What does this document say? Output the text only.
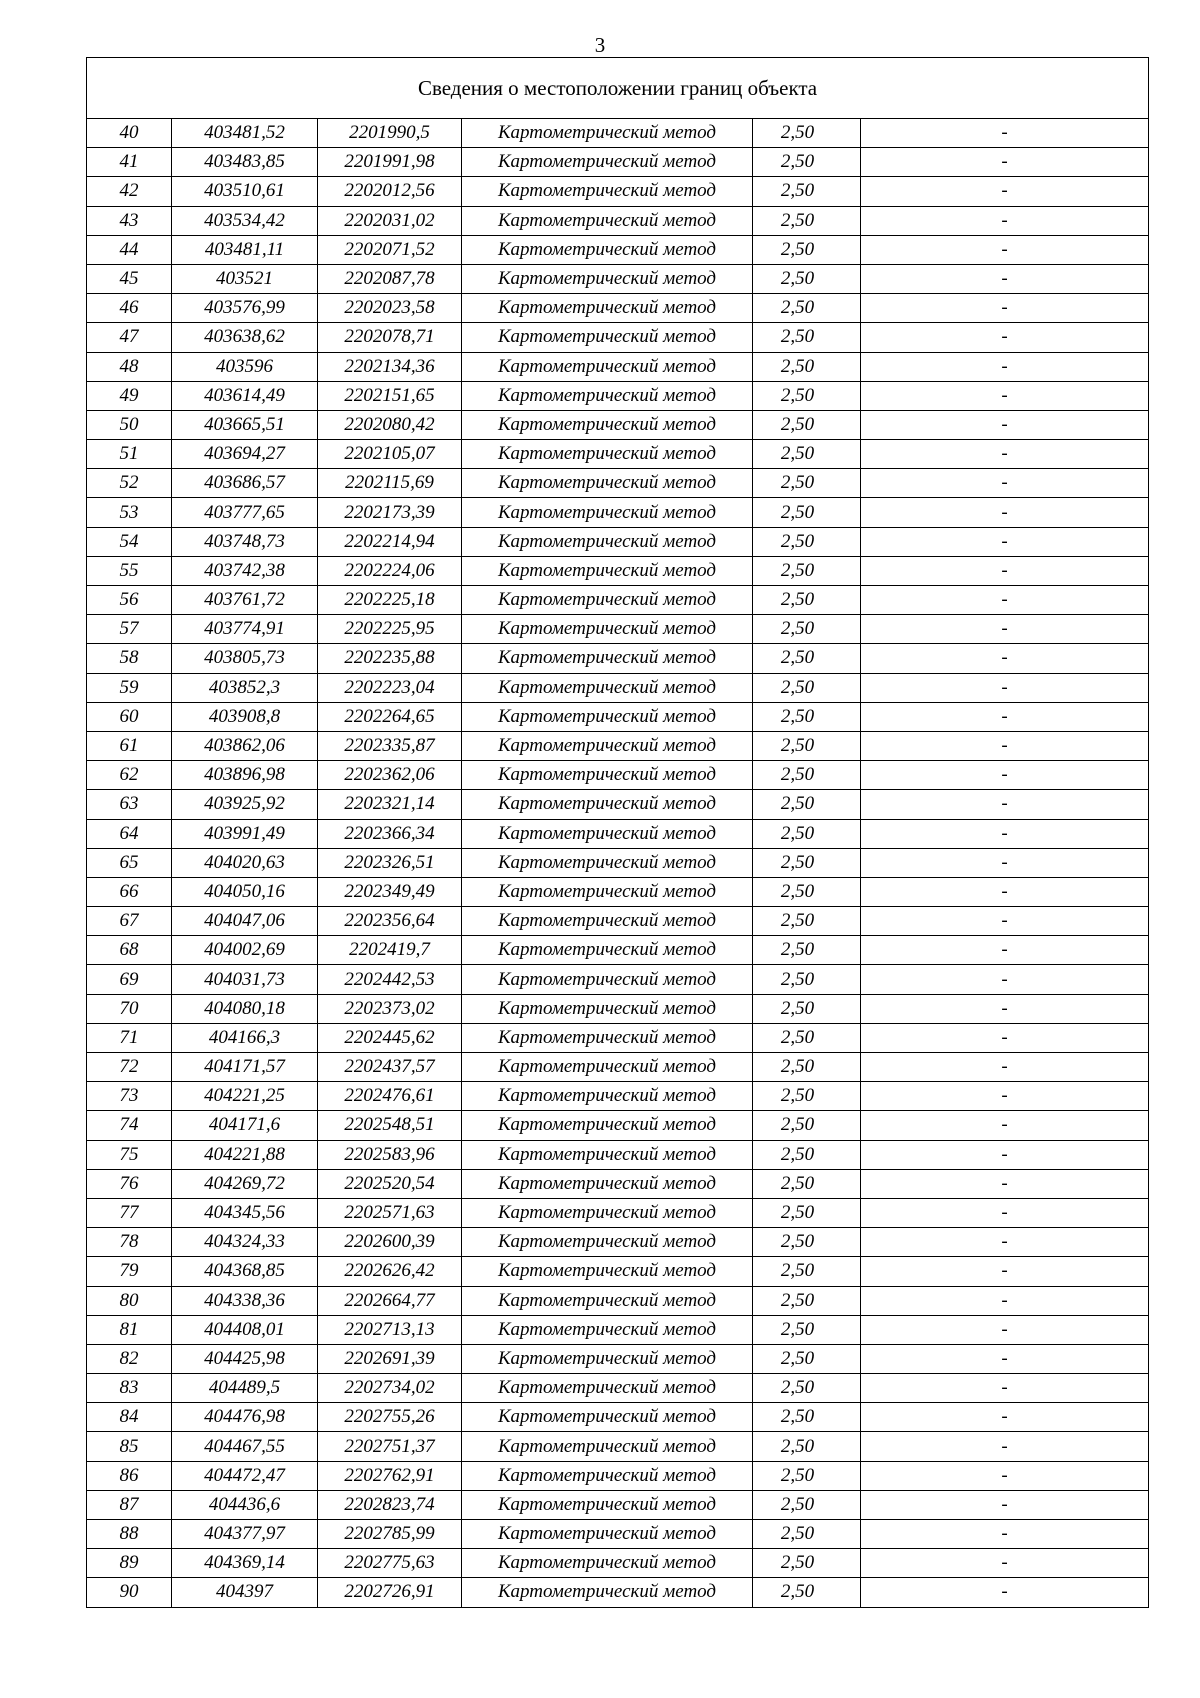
3
Сведения о местоположении границ объекта					
40	403481,52	2201990,5	Картометрический метод	2,50	-
41	403483,85	2201991,98	Картометрический метод	2,50	-
42	403510,61	2202012,56	Картометрический метод	2,50	-
43	403534,42	2202031,02	Картометрический метод	2,50	-
44	403481,11	2202071,52	Картометрический метод	2,50	-
45	403521	2202087,78	Картометрический метод	2,50	-
46	403576,99	2202023,58	Картометрический метод	2,50	-
47	403638,62	2202078,71	Картометрический метод	2,50	-
48	403596	2202134,36	Картометрический метод	2,50	-
49	403614,49	2202151,65	Картометрический метод	2,50	-
50	403665,51	2202080,42	Картометрический метод	2,50	-
51	403694,27	2202105,07	Картометрический метод	2,50	-
52	403686,57	2202115,69	Картометрический метод	2,50	-
53	403777,65	2202173,39	Картометрический метод	2,50	-
54	403748,73	2202214,94	Картометрический метод	2,50	-
55	403742,38	2202224,06	Картометрический метод	2,50	-
56	403761,72	2202225,18	Картометрический метод	2,50	-
57	403774,91	2202225,95	Картометрический метод	2,50	-
58	403805,73	2202235,88	Картометрический метод	2,50	-
59	403852,3	2202223,04	Картометрический метод	2,50	-
60	403908,8	2202264,65	Картометрический метод	2,50	-
61	403862,06	2202335,87	Картометрический метод	2,50	-
62	403896,98	2202362,06	Картометрический метод	2,50	-
63	403925,92	2202321,14	Картометрический метод	2,50	-
64	403991,49	2202366,34	Картометрический метод	2,50	-
65	404020,63	2202326,51	Картометрический метод	2,50	-
66	404050,16	2202349,49	Картометрический метод	2,50	-
67	404047,06	2202356,64	Картометрический метод	2,50	-
68	404002,69	2202419,7	Картометрический метод	2,50	-
69	404031,73	2202442,53	Картометрический метод	2,50	-
70	404080,18	2202373,02	Картометрический метод	2,50	-
71	404166,3	2202445,62	Картометрический метод	2,50	-
72	404171,57	2202437,57	Картометрический метод	2,50	-
73	404221,25	2202476,61	Картометрический метод	2,50	-
74	404171,6	2202548,51	Картометрический метод	2,50	-
75	404221,88	2202583,96	Картометрический метод	2,50	-
76	404269,72	2202520,54	Картометрический метод	2,50	-
77	404345,56	2202571,63	Картометрический метод	2,50	-
78	404324,33	2202600,39	Картометрический метод	2,50	-
79	404368,85	2202626,42	Картометрический метод	2,50	-
80	404338,36	2202664,77	Картометрический метод	2,50	-
81	404408,01	2202713,13	Картометрический метод	2,50	-
82	404425,98	2202691,39	Картометрический метод	2,50	-
83	404489,5	2202734,02	Картометрический метод	2,50	-
84	404476,98	2202755,26	Картометрический метод	2,50	-
85	404467,55	2202751,37	Картометрический метод	2,50	-
86	404472,47	2202762,91	Картометрический метод	2,50	-
87	404436,6	2202823,74	Картометрический метод	2,50	-
88	404377,97	2202785,99	Картометрический метод	2,50	-
89	404369,14	2202775,63	Картометрический метод	2,50	-
90	404397	2202726,91	Картометрический метод	2,50	-
